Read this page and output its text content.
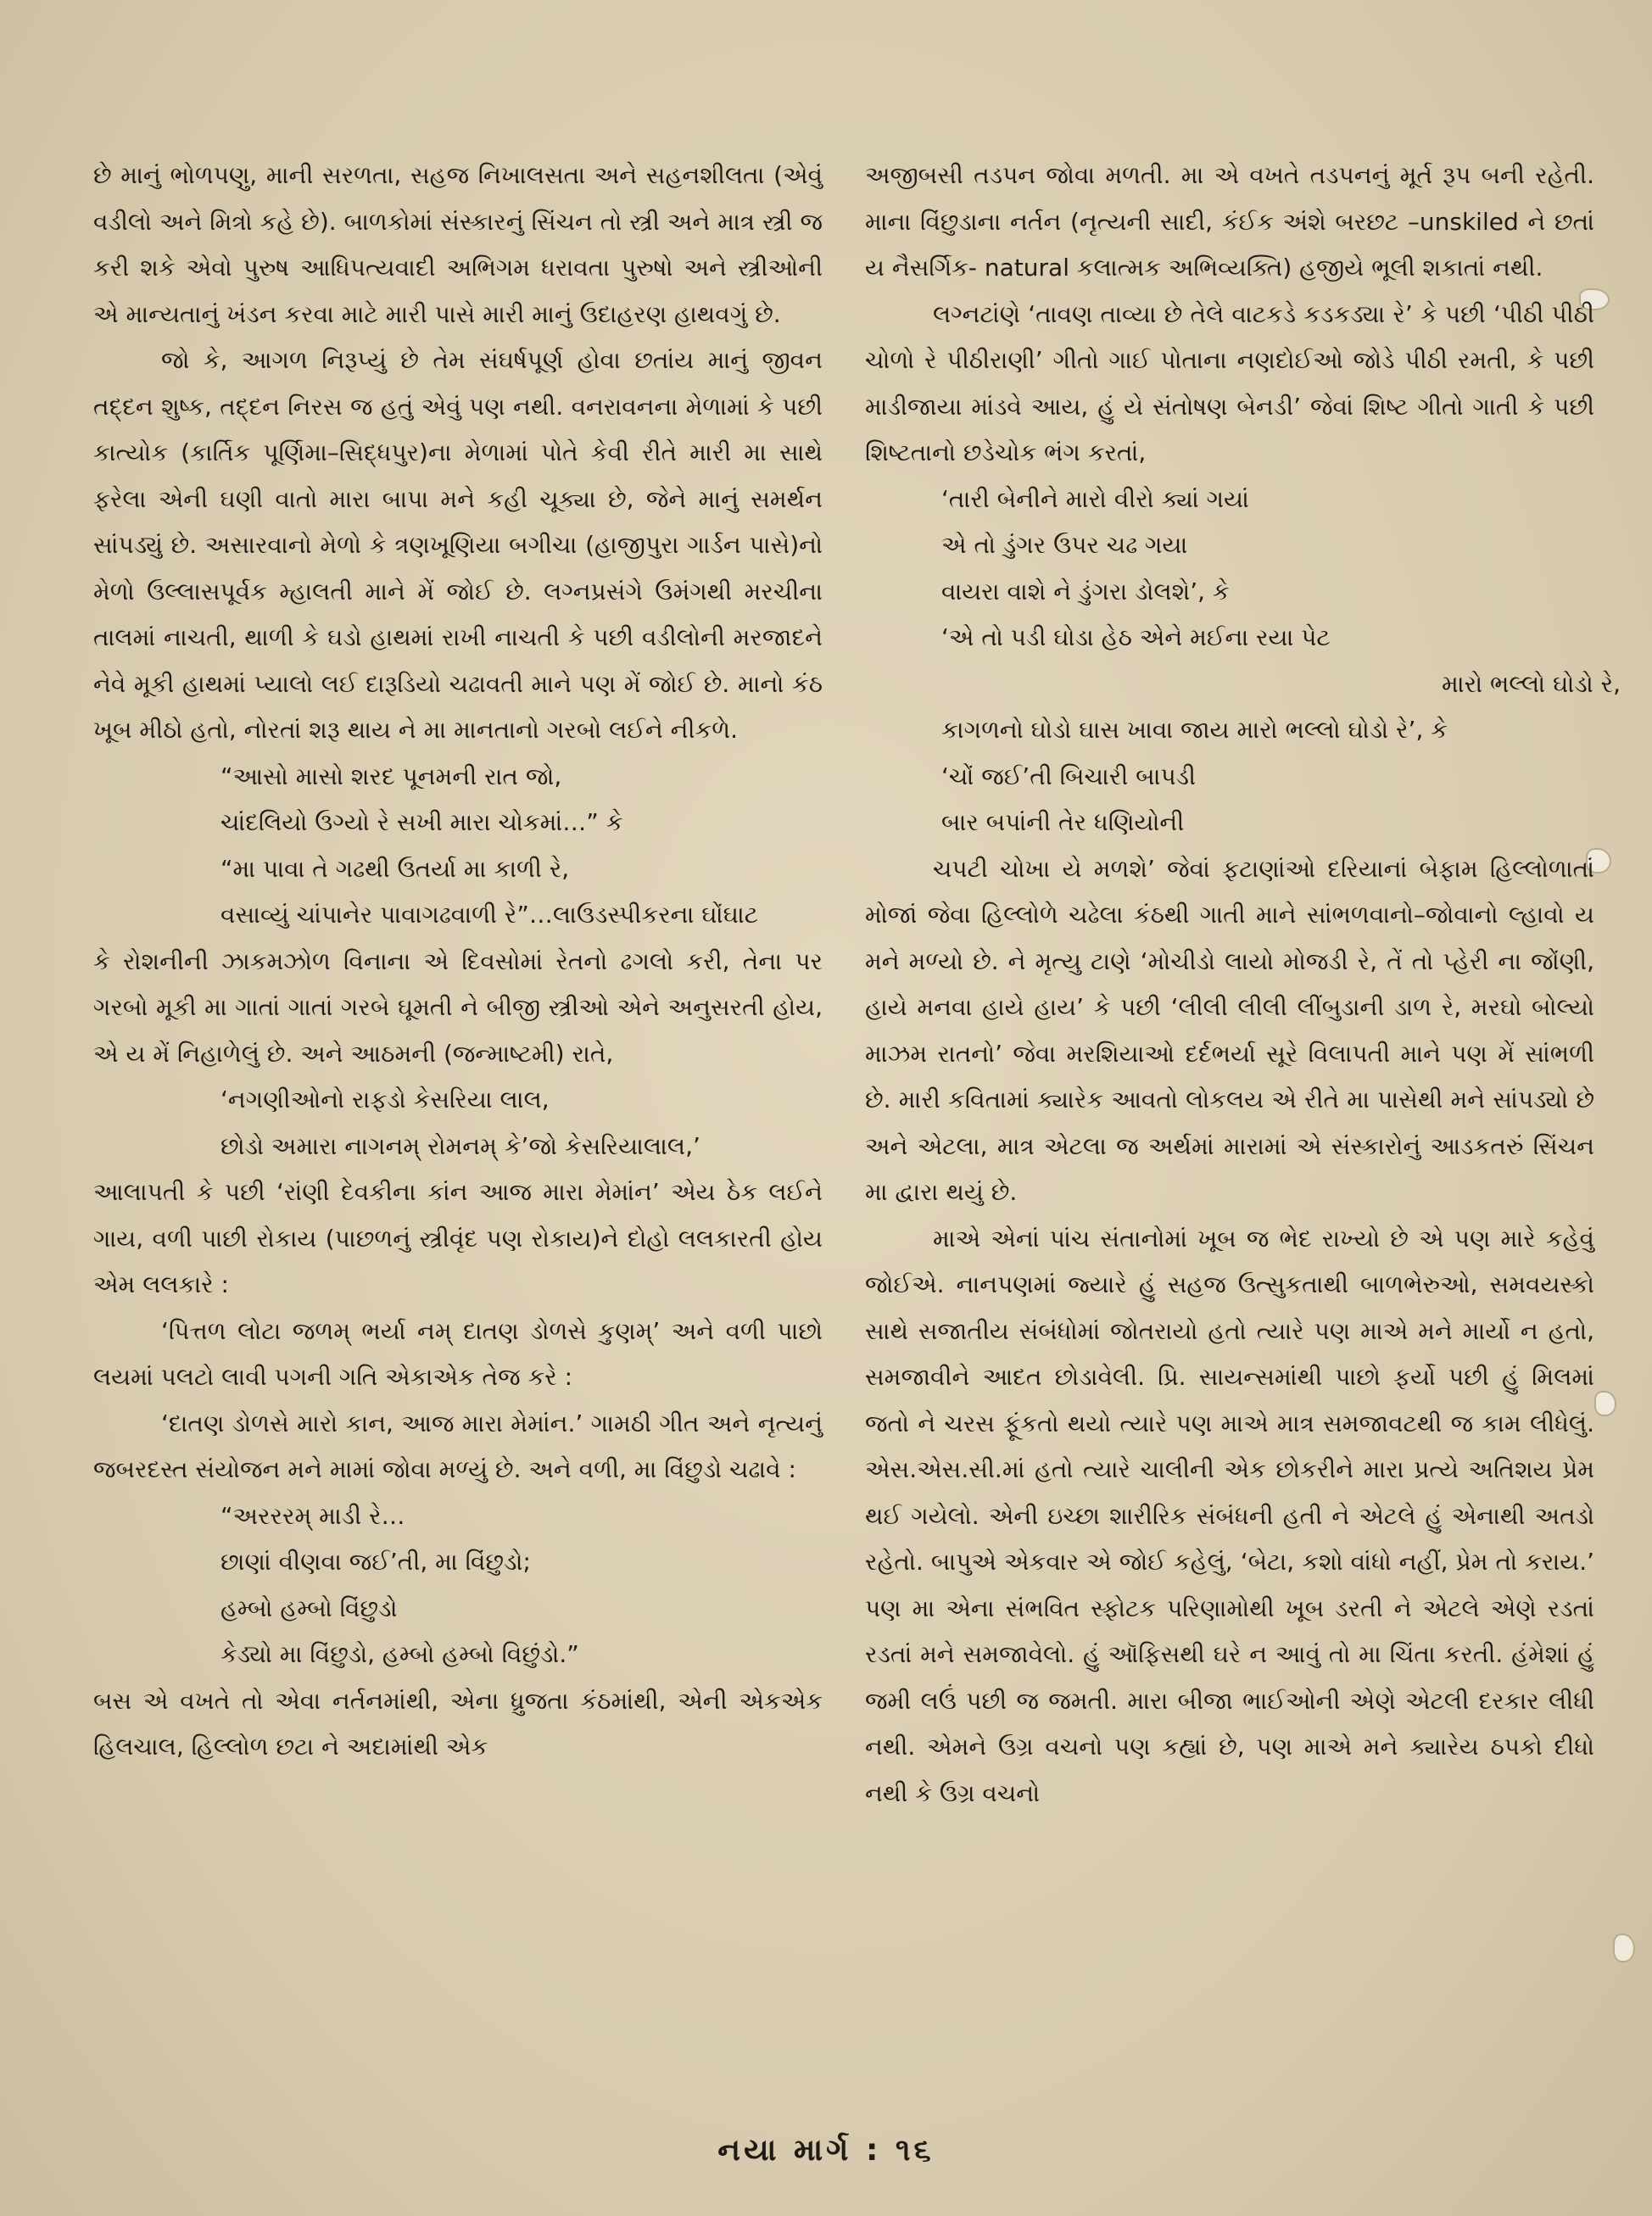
છે માનું ભોળપણુ, માની સરળતા, સહજ નિખાલસતા અને સહનશીલતા (એવું વડીલો અને મિત્રો કહે છે). બાળકોમાં સંસ્કારનું સિંચન તો સ્ત્રી અને માત્ર સ્ત્રી જ કરી શકે એવો પુરુષ આધિપત્યવાદી અભિગમ ધરાવતા પુરુષો અને સ્ત્રીઓની એ માન્યતાનું ખંડન કરવા માટે મારી પાસે મારી માનું ઉદાહરણ હાથવગું છે.

જો કે, આગળ નિરૂપ્યું છે તેમ સંઘર્ષપૂર્ણ હોવા છતાંય માનું જીવન તદ્દન શુષ્ક, તદ્દન નિરસ જ હતું એવું પણ નથી. વનરાવનના મેળામાં કે પછી કાત્યોક (કાર્તિક પૂર્ણિમા–સિદ્ધપુર)ના મેળામાં પોતે કેવી રીતે મારી મા સાથે ફરેલા એની ઘણી વાતો મારા બાપા મને કહી ચૂક્યા છે, જેને માનું સમર્થન સાંપડ્યું છે. અસારવાનો મેળો કે ત્રણખૂણિયા બગીચા (હાજીપુરા ગાર્ડન પાસે)નો મેળો ઉલ્લાસપૂર્વક મ્હાલતી માને મેં જોઈ છે. લગ્નપ્રસંગે ઉમંગથી મરચીના તાલમાં નાચતી, થાળી કે ઘડો હાથમાં રાખી નાચતી કે પછી વડીલોની મરજાદને નેવે મૂકી હાથમાં પ્યાલો લઈ દારૂડિયો ચઢાવતી માને પણ મેં જોઈ છે. માનો કંઠ ખૂબ મીઠો હતો, નોરતાં શરૂ થાય ને મા માનતાનો ગરબો લઈને નીકળે.

“આસો માસો શરદ પૂનમની રાત જો,
ચાંદલિયો ઉગ્યો રે સખી મારા ચોકમાં…” કે
“મા પાવા તે ગઢથી ઉતર્યા મા કાળી રે,
વસાવ્યું ચાંપાનેર પાવાગઢવાળી રે”…લાઉડસ્પીકરના ઘોંઘાટ

કે રોશનીની ઝાકમઝોળ વિનાના એ દિવસોમાં રેતનો ઢગલો કરી, તેના પર ગરબો મૂકી મા ગાતાં ગાતાં ગરબે ઘૂમતી ને બીજી સ્ત્રીઓ એને અનુસરતી હોય, એ ય મેં નિહાળેલું છે. અને આઠમની (જન્માષ્ટમી) રાતે,

‘નગણીઓનો રાફડો કેસરિયા લાલ,
છોડો અમારા નાગનમ્ રોમનમ્ કે’જો કેસરિયાલાલ,’

આલાપતી કે પછી ‘રાંણી દેવકીના કાંન આજ મારા મેમાંન’ એય ઠેક લઈને ગાય, વળી પાછી રોકાય (પાછળનું સ્ત્રીવૃંદ પણ રોકાય)ને દોહો લલકારતી હોય એમ લલકારે :

‘પિત્તળ લોટા જળમ્ ભર્યા નમ્ દાતણ ડોળસે કુણમ્’ અને વળી પાછો લયમાં પલટો લાવી પગની ગતિ એકાએક તેજ કરે :

‘દાતણ ડોળસે મારો કાન, આજ મારા મેમાંન.’ ગામઠી ગીત અને નૃત્યનું જબરદસ્ત સંયોજન મને મામાં જોવા મળ્યું છે. અને વળી, મા વિંછુડો ચઢાવે :

“અરરરમ્ માડી રે…
છાણાં વીણવા જઈ’તી, મા વિંછુડો;
હમ્બો હમ્બો વિંછુડો
કેડ્યો મા વિંછુડો, હમ્બો હમ્બો વિછુંડો.”

બસ એ વખતે તો એવા નર્તનમાંથી, એના ધ્રુજતા કંઠમાંથી, એની એકએક હિલચાલ, હિલ્લોળ છટા ને અદામાંથી એક

અજીબસી તડપન જોવા મળતી. મા એ વખતે તડપનનું મૂર્ત રૂપ બની રહેતી. માના વિંછુડાના નર્તન (નૃત્યની સાદી, કંઈક અંશે બરછટ –unskiled ને છતાં ય નૈસર્ગિક- natural કલાત્મક અભિવ્યક્તિ) હજીયે ભૂલી શકાતાં નથી.

લગ્નટાંણે ‘તાવણ તાવ્યા છે તેલે વાટકડે કડકડ્યા રે’ કે પછી ‘પીઠી પીઠી ચોળો રે પીઠીરાણી’ ગીતો ગાઈ પોતાના નણદોઈઓ જોડે પીઠી રમતી, કે પછી માડીજાયા માંડવે આય, હું યે સંતોષણ બેનડી’ જેવાં શિષ્ટ ગીતો ગાતી કે પછી શિષ્ટતાનો છડેચોક ભંગ કરતાં,

‘તારી બેનીને મારો વીરો ક્યાં ગયાં
એ તો ડુંગર ઉપર ચઢ ગયા
વાયરા વાશે ને ડુંગરા ડોલશે’, કે
‘એ તો પડી ઘોડા હેઠ એને મઈના રયા પેટ
મારો ભલ્લો ઘોડો રે,
કાગળનો ઘોડો ઘાસ ખાવા જાય મારો ભલ્લો ઘોડો રે’, કે
‘ચોં જઈ’તી બિચારી બાપડી
બાર બપાંની તેર ધણિયોની

ચપટી ચોખા યે મળશે’ જેવાં ફટાણાંઓ દરિયાનાં બેફામ હિલ્લોળાતાં મોજાં જેવા હિલ્લોળે ચઢેલા કંઠથી ગાતી માને સાંભળવાનો–જોવાનો લ્હાવો ય મને મળ્યો છે. ને મૃત્યુ ટાણે ‘મોચીડો લાયો મોજડી રે, તેં તો પ્હેરી ના જોંણી, હાયે મનવા હાયે હાય’ કે પછી ‘લીલી લીલી લીંબુડાની ડાળ રે, મરઘો બોલ્યો માઝમ રાતનો’ જેવા મરશિયાઓ દર્દભર્યા સૂરે વિલાપતી માને પણ મેં સાંભળી છે. મારી કવિતામાં ક્યારેક આવતો લોકલય એ રીતે મા પાસેથી મને સાંપડ્યો છે અને એટલા, માત્ર એટલા જ અર્થમાં મારામાં એ સંસ્કારોનું આડકતરું સિંચન મા દ્વારા થયું છે.

માએ એનાં પાંચ સંતાનોમાં ખૂબ જ ભેદ રાખ્યો છે એ પણ મારે કહેવું જોઈએ. નાનપણમાં જ્યારે હું સહજ ઉત્સુકતાથી બાળભેરુઓ, સમવયસ્કો સાથે સજાતીય સંબંધોમાં જોતરાયો હતો ત્યારે પણ માએ મને માર્યો ન હતો, સમજાવીને આદત છોડાવેલી. પ્રિ. સાયન્સમાંથી પાછો ફર્યો પછી હું મિલમાં જતો ને ચરસ ફૂંકતો થયો ત્યારે પણ માએ માત્ર સમજાવટથી જ કામ લીધેલું. એસ.એસ.સી.માં હતો ત્યારે ચાલીની એક છોકરીને મારા પ્રત્યે અતિશય પ્રેમ થઈ ગયેલો. એની ઇચ્છા શારીરિક સંબંધની હતી ને એટલે હું એનાથી અતડો રહેતો. બાપુએ એકવાર એ જોઈ કહેલું, ‘બેટા, કશો વાંધો નહીં, પ્રેમ તો કરાય.’ પણ મા એના સંભવિત સ્ફોટક પરિણામોથી ખૂબ ડરતી ને એટલે એણે રડતાં રડતાં મને સમજાવેલો. હું ઑફિસથી ઘરે ન આવું તો મા ચિંતા કરતી. હંમેશાં હું જમી લઉં પછી જ જમતી. મારા બીજા ભાઈઓની એણે એટલી દરકાર લીધી નથી. એમને ઉગ્ર વચનો પણ કહ્યાં છે, પણ માએ મને ક્યારેય ઠપકો દીધો નથી કે ઉગ્ર વચનો

નયા માર્ગ : ૧૬
